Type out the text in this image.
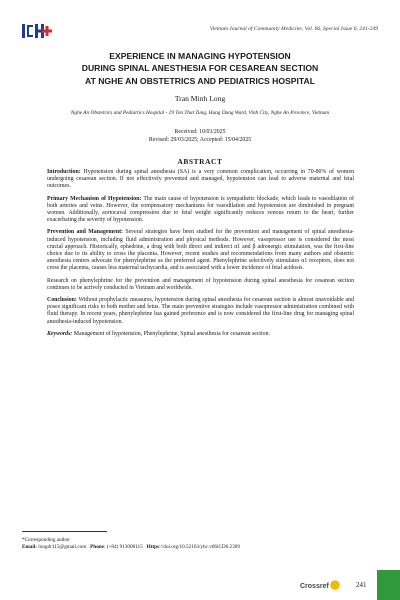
Vietnam Journal of Community Medicine, Vol. 66, Special Issue 6, 241-249
EXPERIENCE IN MANAGING HYPOTENSION
DURING SPINAL ANESTHESIA FOR CESAREAN SECTION
AT NGHE AN OBSTETRICS AND PEDIATRICS HOSPITAL
Tran Minh Long
Nghe An Obstetrics and Pediatrics Hospital - 19 Ton That Tung, Hung Dung Ward, Vinh City, Nghe An Province, Vietnam
Received: 10/03/2025
Revised: 29/03/2025; Accepted: 15/04/2025
ABSTRACT

Introduction: Hypotension during spinal anesthesia (SA) is a very common complication, occurring in 70-80% of women undergoing cesarean section. If not effectively prevented and managed, hypotension can lead to adverse maternal and fetal outcomes.

Primary Mechanism of Hypotension: The main cause of hypotension is sympathetic blockade, which leads to vasodilation of both arteries and veins. However, the compensatory mechanisms for vasodilation and hypotension are diminished in pregnant women. Additionally, aortocaval compression due to fetal weight significantly reduces venous return to the heart, further exacerbating the severity of hypotension.

Prevention and Management: Several strategies have been studied for the prevention and management of spinal anesthesia-induced hypotension, including fluid administration and physical methods. However, vasopressor use is considered the most crucial approach. Historically, ephedrine, a drug with both direct and indirect α1 and β adrenergic stimulation, was the first-line choice due to its ability to cross the placenta. However, recent studies and recommendations from many authors and obstetric anesthesia centers advocate for phenylephrine as the preferred agent. Phenylephrine selectively stimulates α1 receptors, does not cross the placenta, causes less maternal tachycardia, and is associated with a lower incidence of fetal acidosis.

Research on phenylephrine for the prevention and management of hypotension during spinal anesthesia for cesarean section continues to be actively conducted in Vietnam and worldwide.

Conclusion: Without prophylactic measures, hypotension during spinal anesthesia for cesarean section is almost unavoidable and poses significant risks to both mother and fetus. The main preventive strategies include vasopressor administration combined with fluid therapy. In recent years, phenylephrine has gained preference and is now considered the first-line drug for managing spinal anesthesia-induced hypotension.

Keywords: Management of hypotension, Phenylephrine, Spinal anesthesia for cesarean section.

*Corresponding author
Email: longdr115@gmail.com Phone: (+84) 913008115 Https://doi.org/10.52163/yhc.v66iCD6.2309
Crossref	241
